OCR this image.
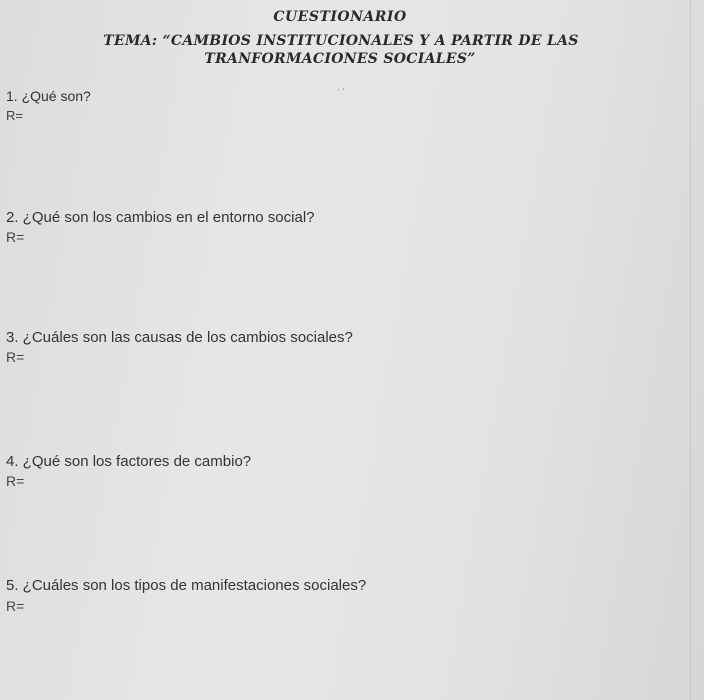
CUESTIONARIO
TEMA: “CAMBIOS INSTITUCIONALES Y A PARTIR DE LAS
TRANFORMACIONES SOCIALES”
ˏ ˌ
1. ¿Qué son?
R=
2. ¿Qué son los cambios en el entorno social?
R=
3. ¿Cuáles son las causas de los cambios sociales?
R=
4. ¿Qué son los factores de cambio?
R=
5. ¿Cuáles son los tipos de manifestaciones sociales?
R=
